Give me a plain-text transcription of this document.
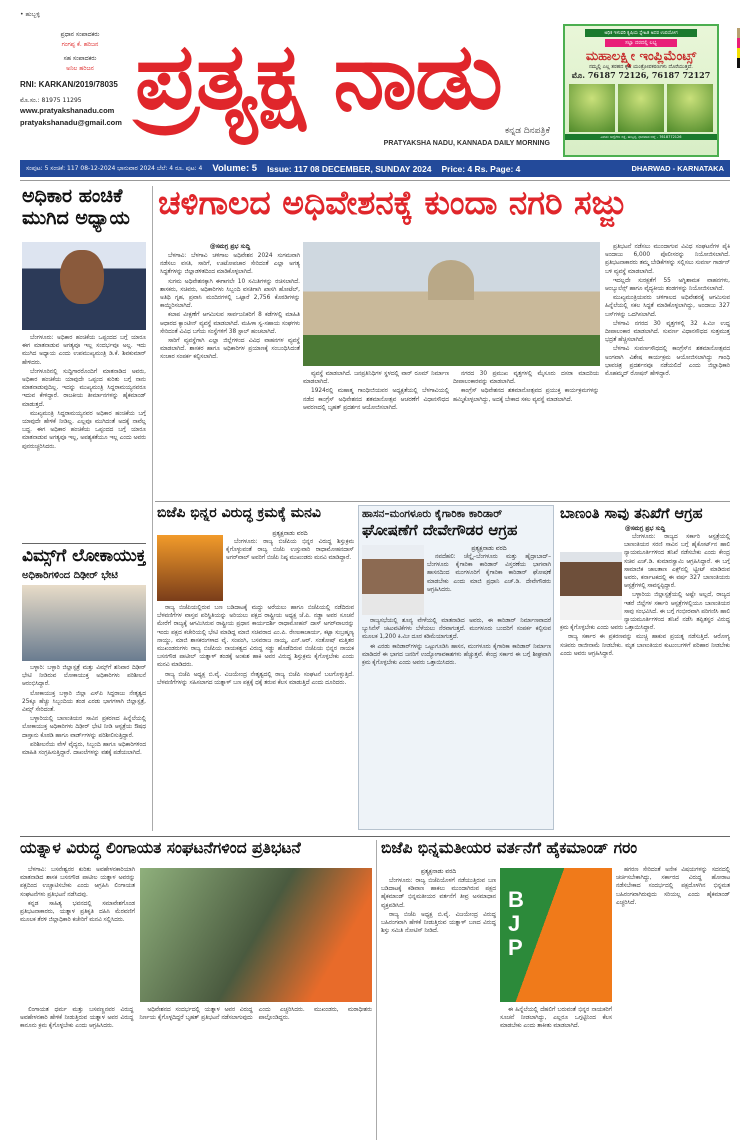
• ಹುಬ್ಬಳ್ಳಿ
ಪ್ರಧಾನ ಸಂಪಾದಕರು
ಗಂಗಪ್ಪ ಕೆ. ಹರಿಜನ
ಸಹ ಸಂಪಾದಕರು
ಅನಿಲ ಹರಿಜನ
RNI: KARKAN/2019/78035
ಮೊ.ಸಂ.: 81975 11295
www.pratyakshanadu.com
pratyakshanadu@gmail.com ಪ್ರತ್ಯಕ್ಷ ನಾಡು
ಕನ್ನಡ ದಿನಪತ್ರಿಕೆ
PRATYAKSHA NADU, KANNADA DAILY MORNING
ಅಧಿಕ ಇಳುವರಿ ಕೃಷಿಯ ಸ್ನೇಹಿತ ಅದರ ಉಪಯೋಗ
ಸಲ್ಲಾ ದರದಲ್ಲಿ ಲಭ್ಯ
ಮಹಾಲಕ್ಷ್ಮೀ ಇಂಪ್ಲಿಮೆಂಟ್ಸ್
ನಮ್ಮಲ್ಲಿ ಎಲ್ಲ ತರಹದ ಕೃಷಿ ಯಂತ್ರೋಪಕರಣಗಳು ದೊರೆಯುತ್ತವೆ.
ಮೊ. 76187 72126, 76187 72127
ವಿಳಾಸ: ಅಣ್ಣಿಗೇರಿ ರಸ್ತೆ, ಹುಬ್ಬಳ್ಳಿ, ಧಾರವಾಡ ಜಿಲ್ಲೆ - 7618772126
ಸಂಪುಟ: 5 ಸಂಚಿಕೆ: 117 08-12-2024 ಭಾನುವಾರ 2024 ಬೆಲೆ: 4 ರೂ. ಪುಟ: 4 Volume: 5 Issue: 117 08 DECEMBER, SUNDAY 2024 Price: 4 Rs. Page: 4	DHARWAD - KARNATAKA
ಅಧಿಕಾರ ಹಂಚಿಕೆ ಮುಗಿದ ಅಧ್ಯಾಯ

ಬೆಂಗಳೂರು: ಅಧಿಕಾರ ಹಂಚಿಕೆಯ ಒಪ್ಪಂದದ ಬಗ್ಗೆ ಯಾರೂ ಈಗ ಮಾತನಾಡುವ ಅಗತ್ಯವೂ ಇಲ್ಲ ಸಂದರ್ಭವೂ ಅಲ್ಲ. ಇದು ಮುಗಿದ ಅಧ್ಯಾಯ ಎಂದು ಉಪಮುಖ್ಯಮಂತ್ರಿ ಡಿ.ಕೆ. ಶಿವಕುಮಾರ್ ಹೇಳಿದರು.

ಬೆಂಗಳೂರಿನಲ್ಲಿ ಸುದ್ದಿಗಾರರೊಂದಿಗೆ ಮಾತನಾಡಿದ ಅವರು, ಅಧಿಕಾರ ಹಂಚಿಕೆಯ ಯಾವುದೇ ಒಪ್ಪಂದ ಕುರಿತು ಬಗ್ಗೆ ನಾನು ಮಾತನಾಡುವುದಿಲ್ಲ. ಇದನ್ನು ಮುಖ್ಯಮಂತ್ರಿ ಸಿದ್ದರಾಮಯ್ಯನವರೂ ಇದುವ ಕೇಳಿದ್ದಾರೆ. ರಾಜಕೀಯ ತೀರ್ಮಾನಗಳನ್ನು ಹೈಕಮಾಂಡ್ ಮಾಡುತ್ತದೆ.

ಮುಖ್ಯಮಂತ್ರಿ ಸಿದ್ದರಾಮಯ್ಯನವರ ಅಧಿಕಾರ ಹಂಚಿಕೆಯ ಬಗ್ಗೆ ಯಾವುದೇ ಹೇಳಿಕೆ ನೀಡಿಲ್ಲ. ಎಲ್ಲವೂ ಮುಗಿದಂತೆ ಅದಕ್ಕೆ ನಾವೆಲ್ಲ ಬದ್ಧ. ಈಗ ಅಧಿಕಾರ ಹಂಚಿಕೆಯ ಒಪ್ಪಂದದ ಬಗ್ಗೆ ಯಾರೂ ಮಾತನಾಡುವ ಅಗತ್ಯವೂ ಇಲ್ಲ, ಅವಶ್ಯಕತೆಯೂ ಇಲ್ಲ ಎಂದು ಅವರು ಪುನರುಚ್ಚರಿಸಿದರು.

ವಿಮ್ಸ್‌ಗೆ ಲೋಕಾಯುಕ್ತ
ಅಧಿಕಾರಿಗಳಿಂದ ದಿಢೀರ್ ಭೇಟಿ

ಬಳ್ಳಾರಿ: ಬಳ್ಳಾರಿ ಜಿಲ್ಲಾಸ್ಪತ್ರೆ ಮತ್ತು ವಿಮ್ಸ್‌ಗೆ ಶನಿವಾರ ದಿಢೀರ್ ಭೇಟಿ ನೀಡಿರುವ ಲೋಕಾಯುಕ್ತ ಅಧಿಕಾರಿಗಳು ಪರಿಶೀಲನೆ ಆರಂಭಿಸಿದ್ದಾರೆ.

ಲೋಕಾಯುಕ್ತ ಬಳ್ಳಾರಿ ಜಿಲ್ಲಾ ಎಸ್‌ಪಿ ಸಿದ್ದರಾಜು ನೇತೃತ್ವದ 25ಕ್ಕೂ ಹೆಚ್ಚು ಸಿಬ್ಬಂದಿಯ ತಂಡ ಎರಡು ಭಾಗಗಳಾಗಿ ಜಿಲ್ಲಾಸ್ಪತ್ರೆ, ವಿಮ್ಸ್ ಸೇರಿದಂತೆ.

ಬಳ್ಳಾರಿಯಲ್ಲಿ ಬಾಣಂತಿಯರ ಸಾವಿನ ಪ್ರಕರಣದ ಹಿನ್ನೆಲೆಯಲ್ಲಿ ಲೋಕಾಯುಕ್ತ ಅಧಿಕಾರಿಗಳು ದಿಢೀರ್ ಭೇಟಿ ನೀಡಿ ಆಸ್ಪತ್ರೆಯ ಔಷಧ ದಾಸ್ತಾನು ಕೊಠಡಿ ಹಾಗೂ ವಾರ್ಡ್‌ಗಳನ್ನು ಪರಿಶೀಲಿಸುತ್ತಿದ್ದಾರೆ.

ಪರಿಶೀಲನೆಯ ವೇಳೆ ವೈದ್ಯರು, ಸಿಬ್ಬಂದಿ ಹಾಗೂ ಅಧಿಕಾರಿಗಳಿಂದ ಮಾಹಿತಿ ಸಂಗ್ರಹಿಸುತ್ತಿದ್ದಾರೆ. ದಾಖಲೆಗಳನ್ನು ವಶಕ್ಕೆ ಪಡೆಯಲಾಗಿದೆ.

ಚಳಿಗಾಲದ ಅಧಿವೇಶನಕ್ಕೆ ಕುಂದಾ ನಗರಿ ಸಜ್ಜು
@ಸಮಗ್ರ ಪ್ರಭ ಸುದ್ದಿ

ಬೆಳಗಾವಿ: ಬೆಳಗಾವಿ ಚಳಿಗಾಲ ಅಧಿವೇಶನ 2024 ಸುಗಮವಾಗಿ ನಡೆಸಲು ವಸತಿ, ಸಾರಿಗೆ, ಊಟೋಪಚಾರ ಸೇರಿದಂತೆ ಎಲ್ಲಾ ಅಗತ್ಯ ಸಿದ್ಧತೆಗಳನ್ನು ಜಿಲ್ಲಾಡಳಿತದಿಂದ ಮಾಡಿಕೊಳ್ಳಲಾಗಿದೆ.

ಸುಗಮ ಅಧಿವೇಶನಕ್ಕಾಗಿ ಈಗಾಗಲೇ 10 ಸಮಿತಿಗಳನ್ನು ರಚಿಸಲಾಗಿದೆ. ಶಾಸಕರು, ಸಚಿವರು, ಅಧಿಕಾರಿಗಳು ಸಿಬ್ಬಂದಿ ವಸತಿಗಾಗಿ ಖಾಸಗಿ ಹೋಟೆಲ್, ಅತಿಥಿ ಗೃಹ, ಪ್ರವಾಸಿ ಮಂದಿರಗಳಲ್ಲಿ ಒಟ್ಟಾರೆ 2,756 ಕೊಠಡಿಗಳನ್ನು ಕಾಯ್ದಿರಿಸಲಾಗಿದೆ.

ಕಲಾಪ ವೀಕ್ಷಣೆಗೆ ಆಗಮಿಸುವ ಸಾರ್ವಜನಿಕರಿಗೆ 8 ಕಡೆಗಳಲ್ಲಿ ಮಾಹಿತಿ ಆಧಾರದ ಕ್ಯಾಂಟೀನ್ ವ್ಯವಸ್ಥೆ ಮಾಡಲಾಗಿದೆ. ಮಹಿಳಾ ಸ್ವ-ಸಹಾಯ ಸಂಘಗಳು ಸೇರಿದಂತೆ ವಿವಿಧ ಬಗೆಯ ಸಂಸ್ಥೆಗಳಿಗೆ 38 ಸ್ಟಾಲ್ ಹಂಚಲಾಗಿದೆ.

ಸಾರಿಗೆ ವ್ಯವಸ್ಥೆಗಾಗಿ ಎಲ್ಲಾ ಜಿಲ್ಲೆಗಳಿಂದ ವಿವಿಧ ವಾಹನಗಳ ವ್ಯವಸ್ಥೆ ಮಾಡಲಾಗಿದೆ. ಶಾಸಕರ ಹಾಗೂ ಅಧಿಕಾರಿಗಳ ಪ್ರಯಾಣಕ್ಕೆ ಸಂಬಂಧಿಸಿದಂತೆ ಸಂಚಾರ ಸಂಪರ್ಕ ಕಲ್ಪಿಸಲಾಗಿದೆ.

ವ್ಯವಸ್ಥೆ ಮಾಡಲಾಗಿದೆ. ಜನಪ್ರತಿನಿಧಿಗಳ ಸ್ಥಳದಲ್ಲಿ ವಾರ್ ರೂಮ್ ನಿರ್ಮಾಣ ಮಾಡಲಾಗಿದೆ.

1924ರಲ್ಲಿ ಮಹಾತ್ಮ ಗಾಂಧೀಜಿಯವರ ಅಧ್ಯಕ್ಷತೆಯಲ್ಲಿ ಬೆಳಗಾವಿಯಲ್ಲಿ ನಡೆದ ಕಾಂಗ್ರೆಸ್ ಅಧಿವೇಶನದ ಶತಮಾನೋತ್ಸವ ಆಚರಣೆಗೆ ವಿಧಾನಸೌಧದ ಆವರಣದಲ್ಲಿ ಬೃಹತ್ ಪ್ರದರ್ಶನ ಆಯೋಜಿಸಲಾಗಿದೆ.

ನಗರದ 30 ಪ್ರಮುಖ ವೃತ್ತಗಳಲ್ಲಿ ಮೈಸೂರು ದಸರಾ ಮಾದರಿಯ ದೀಪಾಲಂಕಾರವನ್ನು ಮಾಡಲಾಗಿದೆ.

ಕಾಂಗ್ರೆಸ್ ಅಧಿವೇಶನದ ಶತಮಾನೋತ್ಸವದ ಪ್ರಯುಕ್ತ ಕಾರ್ಯಕ್ರಮಗಳನ್ನು ಹಮ್ಮಿಕೊಳ್ಳಲಾಗಿದ್ದು, ಅದಕ್ಕೆ ಬೇಕಾದ ಸಕಲ ವ್ಯವಸ್ಥೆ ಮಾಡಲಾಗಿದೆ.

ಪ್ರತಿಭಟನೆ ನಡೆಸಲು ಮುಂದಾಗುವ ವಿವಿಧ ಸಂಘಟನೆಗಳ ಪೈಕಿ ಅಂದಾಜು 6,000 ಪೊಲೀಸರನ್ನು ನಿಯೋಜಿಸಲಾಗಿದೆ. ಪ್ರತಿಭಟನಾಕಾರರು ತಮ್ಮ ಬೇಡಿಕೆಗಳನ್ನು ಸಲ್ಲಿಸಲು ಸುವರ್ಣ ಗಾರ್ಡನ್ ಬಳಿ ವ್ಯವಸ್ಥೆ ಮಾಡಲಾಗಿದೆ.

ಇದಲ್ಲದೇ ಸುರಕ್ಷತೆಗೆ 55 ಅಗ್ನಿಶಾಮಕ ವಾಹನಗಳು, ಆಂಬ್ಯುಲೆನ್ಸ್ ಹಾಗೂ ವೈದ್ಯಕೀಯ ತಂಡಗಳನ್ನು ನಿಯೋಜಿಸಲಾಗಿದೆ.

ಮುಖ್ಯಮಂತ್ರಿಯವರು ಚಳಿಗಾಲದ ಅಧಿವೇಶನಕ್ಕೆ ಆಗಮಿಸುವ ಹಿನ್ನೆಲೆಯಲ್ಲಿ ಸಕಲ ಸಿದ್ಧತೆ ಮಾಡಿಕೊಳ್ಳಲಾಗಿದ್ದು, ಅಂದಾಜು 327 ಬಸ್‌ಗಳನ್ನು ಒದಗಿಸಲಾಗಿದೆ.

ಬೆಳಗಾವಿ ನಗರದ 30 ವೃತ್ತಗಳಲ್ಲಿ 32 ಕಿ.ಮೀ ಉದ್ದ ದೀಪಾಲಂಕಾರ ಮಾಡಲಾಗಿದೆ. ಸುವರ್ಣ ವಿಧಾನಸೌಧದ ಸುತ್ತಮುತ್ತ ಭದ್ರತೆ ಹೆಚ್ಚಿಸಲಾಗಿದೆ.

ಬೆಳಗಾವಿ ಸುವರ್ಣಸೌಧದಲ್ಲಿ ಕಾಂಗ್ರೆಸ್‌ನ ಶತಮಾನೋತ್ಸವದ ಅಂಗವಾಗಿ ವಿಶೇಷ ಕಾರ್ಯಕ್ರಮ ಆಯೋಜಿಸಲಾಗಿದ್ದು ಗಾಂಧಿ ಭಾವಚಿತ್ರ ಪ್ರದರ್ಶನವೂ ನಡೆಯಲಿದೆ ಎಂದು ಜಿಲ್ಲಾಧಿಕಾರಿ ಮೊಹಮ್ಮದ್ ರೋಷನ್ ಹೇಳಿದ್ದಾರೆ.

ಬಿಜೆಪಿ ಭಿನ್ನರ ವಿರುದ್ಧ ಕ್ರಮಕ್ಕೆ ಮನವಿ
ಪ್ರತ್ಯಕ್ಷನಾಡು ವರದಿ

ಬೆಂಗಳೂರು: ರಾಜ್ಯ ಬಿಜೆಪಿಯ ಭಿನ್ನರ ವಿರುದ್ಧ ಶಿಸ್ತುಕ್ರಮ ಕೈಗೊಳ್ಳುವಂತೆ ರಾಜ್ಯ ಬಿಜೆಪಿ ಉಸ್ತುವಾರಿ ರಾಧಾಮೋಹನದಾಸ್ ಅಗರ್‌ವಾಲ್ ಅವರಿಗೆ ಬಿಜೆಪಿ ನಿಷ್ಠ ಮುಖಂಡರು ಮನವಿ ಮಾಡಿದ್ದಾರೆ.

ರಾಜ್ಯ ಬಿಜೆಪಿಯಲ್ಲಿರುವ ಬಣ ಬಡಿದಾಟಕ್ಕೆ ಮದ್ದು ಅರೆಯಲು ಹಾಗೂ ಬಿಜೆಪಿಯಲ್ಲಿ ನಡೆದಿರುವ ಬೆಳವಣಿಗೆಗಳ ವಾಸ್ತವ ಪರಿಸ್ಥಿತಿಯನ್ನು ಅರಿಯಲು ಪಕ್ಷದ ರಾಷ್ಟ್ರೀಯ ಅಧ್ಯಕ್ಷ ಜೆ.ಪಿ. ನಡ್ಡಾ ಅವರ ಸೂಚನೆ ಮೇರೆಗೆ ರಾಜ್ಯಕ್ಕೆ ಆಗಮಿಸಿರುವ ರಾಷ್ಟ್ರೀಯ ಪ್ರಧಾನ ಕಾರ್ಯದರ್ಶಿ ರಾಧಾಮೋಹನ್ ದಾಸ್ ಅಗರ್‌ವಾಲರನ್ನು ಇಂದು ಪಕ್ಷದ ಕಚೇರಿಯಲ್ಲಿ ಭೇಟಿ ಮಾಡಿದ್ದ ಮಾಜಿ ಸಚಿವರಾದ ಎಂ.ಪಿ. ರೇಣುಕಾಚಾರ್ಯ, ಕಟ್ಟಾ ಸುಬ್ರಹ್ಮಣ್ಯ ನಾಯ್ಡು, ಮಾಜಿ ಶಾಸಕರುಗಳಾದ ವೈ. ಸಂಪಂಗಿ, ಬಸವರಾಜ ನಾಯ್ಕ, ಎನ್.ಆರ್. ಸಂತೋಷ್ ಮತ್ತಿತರ ಮುಖಂಡರುಗಳು ರಾಜ್ಯ ಬಿಜೆಪಿಯ ನಾಯಕತ್ವದ ವಿರುದ್ಧ ಸಡ್ಡು ಹೊಡೆದಿರುವ ಬಿಜೆಪಿಯ ಭಿನ್ನರ ನಾಯಕ ಬಸನಗೌಡ ಪಾಟೀಲ್ ಯತ್ನಾಳ್ ತಂಡಕ್ಕೆ ಅಂಕುಶ ಹಾಕಿ ಅವರ ವಿರುದ್ಧ ಶಿಸ್ತುಕ್ರಮ ಕೈಗೊಳ್ಳಬೇಕು ಎಂದು ಮನವಿ ಮಾಡಿದರು.

ರಾಜ್ಯ ಬಿಜೆಪಿ ಅಧ್ಯಕ್ಷ ಬಿ.ವೈ. ವಿಜಯೇಂದ್ರ ನೇತೃತ್ವದಲ್ಲಿ ರಾಜ್ಯ ಬಿಜೆಪಿ ಸಂಘಟನೆ ಬಲಗೊಳ್ಳುತ್ತಿದೆ. ಬೆಳವಣಿಗೆಗಳನ್ನು ಸಹಿಸಲಾಗದ ಯತ್ನಾಳ್ ಬಣ ಪಕ್ಷಕ್ಕೆ ಧಕ್ಕೆ ತರುವ ಕೆಲಸ ಮಾಡುತ್ತಿದೆ ಎಂದು ದೂರಿದರು.

ಹಾಸನ–ಮಂಗಳೂರು ಕೈಗಾರಿಕಾ ಕಾರಿಡಾರ್
ಘೋಷಣೆಗೆ ದೇವೇಗೌಡರ ಆಗ್ರಹ
ಪ್ರತ್ಯಕ್ಷನಾಡು ವರದಿ

ನವದೆಹಲಿ: ಚೆನ್ನೈ–ಬೆಂಗಳೂರು ಮತ್ತು ಹೈದ್ರಾಬಾದ್–ಬೆಂಗಳೂರು ಕೈಗಾರಿಕಾ ಕಾರಿಡಾರ್ ವಿಸ್ತರಣೆಯ ಭಾಗವಾಗಿ ಹಾಸನದಿಂದ ಮಂಗಳೂರಿಗೆ ಕೈಗಾರಿಕಾ ಕಾರಿಡಾರ್ ಘೋಷಣೆ ಮಾಡಬೇಕು ಎಂದು ಮಾಜಿ ಪ್ರಧಾನಿ ಎಚ್.ಡಿ. ದೇವೇಗೌಡರು ಆಗ್ರಹಿಸಿದರು.

ರಾಜ್ಯಸಭೆಯಲ್ಲಿ ಶೂನ್ಯ ವೇಳೆಯಲ್ಲಿ ಮಾತನಾಡಿದ ಅವರು, ಈ ಕಾರಿಡಾರ್ ನಿರ್ಮಾಣವಾದರೆ ಬ್ಯುಸಿನೆಸ್ ಚಟುವಟಿಕೆಗಳು ಬೆಳೆಯಲು ನೆರವಾಗುತ್ತದೆ. ಮಂಗಳೂರು ಬಂದರಿಗೆ ಸಂಪರ್ಕ ಕಲ್ಪಿಸುವ ಮೂಲಕ 1,200 ಕಿ.ಮೀ ದೂರ ಕಡಿಮೆಯಾಗುತ್ತದೆ.

ಈ ಎರಡು ಕಾರಿಡಾರ್‌ಗಳನ್ನು ಒಟ್ಟುಗೂಡಿಸಿ ಹಾಸನ, ಮಂಗಳೂರು ಕೈಗಾರಿಕಾ ಕಾರಿಡಾರ್ ನಿರ್ಮಾಣ ಮಾಡಿದರೆ ಈ ಭಾಗದ ಜನರಿಗೆ ಉದ್ಯೋಗಾವಕಾಶಗಳು ಹೆಚ್ಚುತ್ತವೆ. ಕೇಂದ್ರ ಸರ್ಕಾರ ಈ ಬಗ್ಗೆ ಶೀಘ್ರವಾಗಿ ಕ್ರಮ ಕೈಗೊಳ್ಳಬೇಕು ಎಂದು ಅವರು ಒತ್ತಾಯಿಸಿದರು.

ಬಾಣಂತಿ ಸಾವು ತನಿಖೆಗೆ ಆಗ್ರಹ
@ಸಮಗ್ರ ಪ್ರಭ ಸುದ್ದಿ

ಬೆಂಗಳೂರು: ರಾಜ್ಯದ ಸರ್ಕಾರಿ ಆಸ್ಪತ್ರೆಯಲ್ಲಿ ಬಾಣಂತಿಯರ ಸರಣಿ ಸಾವಿನ ಬಗ್ಗೆ ಹೈಕೋರ್ಟ್‌ನ ಹಾಲಿ ನ್ಯಾಯಮೂರ್ತಿಗಳಿಂದ ತನಿಖೆ ನಡೆಸಬೇಕು ಎಂದು ಕೇಂದ್ರ ಸಚಿವ ಎಚ್.ಡಿ. ಕುಮಾರಸ್ವಾಮಿ ಆಗ್ರಹಿಸಿದ್ದಾರೆ. ಈ ಬಗ್ಗೆ ಸಾಮಾಜಿಕ ಜಾಲತಾಣ ಎಕ್ಸ್‌ನಲ್ಲಿ ಟ್ವೀಟ್ ಮಾಡಿರುವ ಅವರು, ಕರ್ನಾಟಕದಲ್ಲಿ ಈ ವರ್ಷ 327 ಬಾಣಂತಿಯರು ಆಸ್ಪತ್ರೆಗಳಲ್ಲಿ ಸಾವನ್ನಪ್ಪಿದ್ದಾರೆ.

ಬಳ್ಳಾರಿಯ ಜಿಲ್ಲಾಸ್ಪತ್ರೆಯಲ್ಲಿ ಅಷ್ಟೇ ಅಲ್ಲದೆ, ರಾಜ್ಯದ ಇತರೆ ಜಿಲ್ಲೆಗಳ ಸರ್ಕಾರಿ ಆಸ್ಪತ್ರೆಗಳಲ್ಲಿಯೂ ಬಾಣಂತಿಯರ ಸಾವು ಸಂಭವಿಸಿದೆ. ಈ ಬಗ್ಗೆ ಗಂಭೀರವಾಗಿ ಪರಿಗಣಿಸಿ ಹಾಲಿ ನ್ಯಾಯಮೂರ್ತಿಗಳಿಂದ ತನಿಖೆ ನಡೆಸಿ ತಪ್ಪಿತಸ್ಥರ ವಿರುದ್ಧ ಕ್ರಮ ಕೈಗೊಳ್ಳಬೇಕು ಎಂದು ಅವರು ಒತ್ತಾಯಿಸಿದ್ದಾರೆ.

ರಾಜ್ಯ ಸರ್ಕಾರ ಈ ಪ್ರಕರಣವನ್ನು ಮುಚ್ಚಿ ಹಾಕುವ ಪ್ರಯತ್ನ ನಡೆಸುತ್ತಿದೆ. ಆರೋಗ್ಯ ಸಚಿವರು ರಾಜೀನಾಮೆ ನೀಡಬೇಕು. ಮೃತ ಬಾಣಂತಿಯರ ಕುಟುಂಬಗಳಿಗೆ ಪರಿಹಾರ ನೀಡಬೇಕು ಎಂದು ಅವರು ಆಗ್ರಹಿಸಿದ್ದಾರೆ.

ಯತ್ನಾಳ ವಿರುದ್ಧ ಲಿಂಗಾಯತ ಸಂಘಟನೆಗಳಿಂದ ಪ್ರತಿಭಟನೆ

ಬೆಳಗಾವಿ: ಬಸವೇಶ್ವರರ ಕುರಿತು ಅವಹೇಳನಕಾರಿಯಾಗಿ ಮಾತನಾಡಿದ ಶಾಸಕ ಬಸನಗೌಡ ಪಾಟೀಲ ಯತ್ನಾಳ ಅವರನ್ನು ಪಕ್ಷದಿಂದ ಉಚ್ಚಾಟಿಸಬೇಕು ಎಂದು ಆಗ್ರಹಿಸಿ ಲಿಂಗಾಯತ ಸಂಘಟನೆಗಳು ಪ್ರತಿಭಟನೆ ನಡೆಸಿದವು.

ಕನ್ನಡ ಸಾಹಿತ್ಯ ಭವನದಲ್ಲಿ ಸಮಾವೇಶಗೊಂಡ ಪ್ರತಿಭಟನಾಕಾರರು, ಯತ್ನಾಳ ಪ್ರತಿಕೃತಿ ದಹಿಸಿ ಮೆರವಣಿಗೆ ಮೂಲಕ ತೆರಳಿ ಜಿಲ್ಲಾಧಿಕಾರಿ ಕಚೇರಿಗೆ ಮನವಿ ಸಲ್ಲಿಸಿದರು.

ಲಿಂಗಾಯತ ಧರ್ಮ ಮತ್ತು ಬಸವಣ್ಣನವರ ವಿರುದ್ಧ ಅವಹೇಳನಕಾರಿ ಹೇಳಿಕೆ ನೀಡುತ್ತಿರುವ ಯತ್ನಾಳ ಅವರ ವಿರುದ್ಧ ಕಾನೂನು ಕ್ರಮ ಕೈಗೊಳ್ಳಬೇಕು ಎಂದು ಆಗ್ರಹಿಸಿದರು.

ಅಧಿವೇಶನದ ಸಂದರ್ಭದಲ್ಲಿ ಯತ್ನಾಳ ಅವರ ವಿರುದ್ಧ ನಿರ್ಣಯ ಕೈಗೊಳ್ಳದಿದ್ದರೆ ಬೃಹತ್ ಪ್ರತಿಭಟನೆ ನಡೆಸಲಾಗುವುದು ಎಂದು ಎಚ್ಚರಿಸಿದರು. ಮುಖಂಡರು, ಮಠಾಧೀಶರು ಪಾಲ್ಗೊಂಡಿದ್ದರು.

ಬಿಜೆಪಿ ಭಿನ್ನಮತೀಯರ ವರ್ತನೆಗೆ ಹೈಕಮಾಂಡ್ ಗರಂ
ಪ್ರತ್ಯಕ್ಷನಾಡು ವರದಿ

ಬೆಂಗಳೂರು: ರಾಜ್ಯ ಬಿಜೆಪಿಯೊಳಗೆ ನಡೆಯುತ್ತಿರುವ ಬಣ ಬಡಿದಾಟಕ್ಕೆ ಕಡಿವಾಣ ಹಾಕಲು ಮುಂದಾಗಿರುವ ಪಕ್ಷದ ಹೈಕಮಾಂಡ್ ಭಿನ್ನಮತೀಯರ ವರ್ತನೆಗೆ ತೀವ್ರ ಅಸಮಾಧಾನ ವ್ಯಕ್ತಪಡಿಸಿದೆ.

ರಾಜ್ಯ ಬಿಜೆಪಿ ಅಧ್ಯಕ್ಷ ಬಿ.ವೈ. ವಿಜಯೇಂದ್ರ ವಿರುದ್ಧ ಬಹಿರಂಗವಾಗಿ ಹೇಳಿಕೆ ನೀಡುತ್ತಿರುವ ಯತ್ನಾಳ್ ಬಣದ ವಿರುದ್ಧ ಶಿಸ್ತು ಸಮಿತಿ ನೋಟಿಸ್ ನೀಡಿದೆ.

BJP

ಈ ಹಿನ್ನೆಲೆಯಲ್ಲಿ ದೆಹಲಿಗೆ ಬರುವಂತೆ ಭಿನ್ನರ ನಾಯಕರಿಗೆ ಸೂಚನೆ ನೀಡಲಾಗಿದ್ದು, ಎಲ್ಲರೂ ಒಗ್ಗಟ್ಟಿನಿಂದ ಕೆಲಸ ಮಾಡಬೇಕು ಎಂದು ತಾಕೀತು ಮಾಡಲಾಗಿದೆ.

ಹಗರಣ ಸೇರಿದಂತೆ ಅನೇಕ ವಿಷಯಗಳನ್ನು ಸದನದಲ್ಲಿ ಚರ್ಚಿಸಬೇಕಾಗಿದ್ದು, ಸರ್ಕಾರದ ವಿರುದ್ಧ ಹೋರಾಟ ನಡೆಸಬೇಕಾದ ಸಂದರ್ಭದಲ್ಲಿ ಪಕ್ಷದೊಳಗಿನ ಭಿನ್ನಮತ ಬಹಿರಂಗವಾಗಿರುವುದು ಸರಿಯಲ್ಲ ಎಂದು ಹೈಕಮಾಂಡ್ ಎಚ್ಚರಿಸಿದೆ.
